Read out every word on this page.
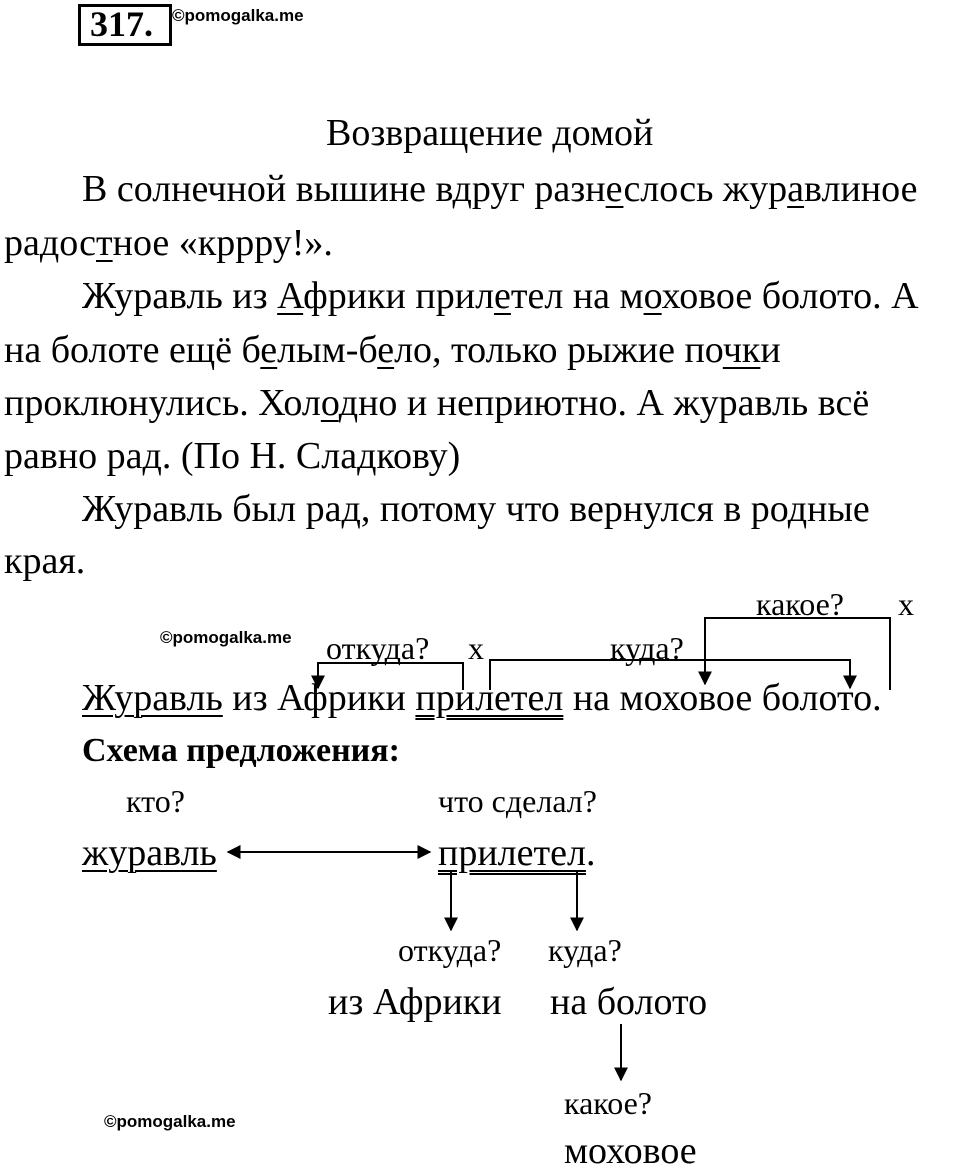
317. ©pomogalka.me
Возвращение домой
В солнечной вышине вдруг разнеслось журавлиное
радостное «кррру!».
Журавль из Африки прилетел на моховое болото. А
на болоте ещё белым-бело, только рыжие почки
проклюнулись. Холодно и неприютно. А журавль всё
равно рад. (По Н. Сладкову)
Журавль был рад, потому что вернулся в родные
края.
©pomogalka.me
какое? x
откуда? x	куда?
Журавль из Африки прилетел на моховое болото.
Схема предложения:
кто?	что сделал?
журавль	прилетел.
откуда? куда?
из Африки на болото
какое?
моховое
©pomogalka.me
